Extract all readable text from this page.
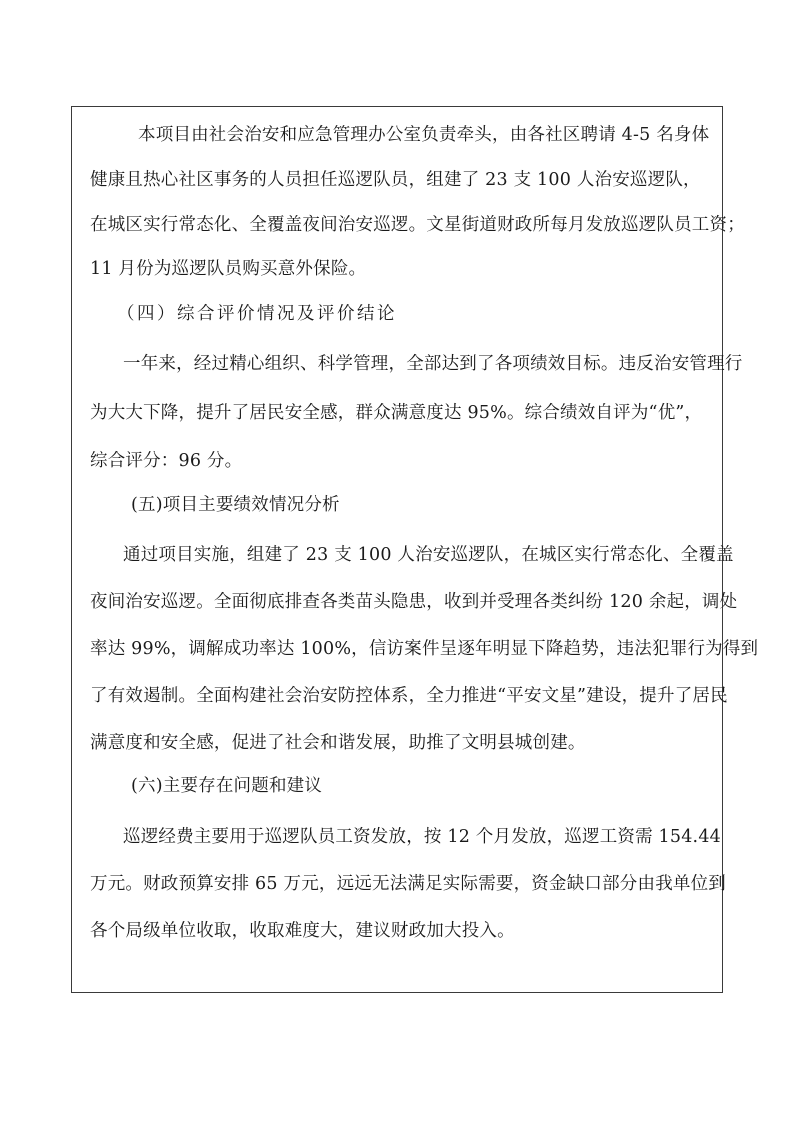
本项目由社会治安和应急管理办公室负责牵头，由各社区聘请 4-5 名身体
健康且热心社区事务的人员担任巡逻队员，组建了 23 支 100 人治安巡逻队，
在城区实行常态化、全覆盖夜间治安巡逻。文星街道财政所每月发放巡逻队员工资；
11 月份为巡逻队员购买意外保险。
（四）综合评价情况及评价结论
一年来，经过精心组织、科学管理，全部达到了各项绩效目标。违反治安管理行
为大大下降，提升了居民安全感，群众满意度达 95%。综合绩效自评为“优”，
综合评分：96 分。
(五)项目主要绩效情况分析
通过项目实施，组建了 23 支 100 人治安巡逻队，在城区实行常态化、全覆盖
夜间治安巡逻。全面彻底排查各类苗头隐患，收到并受理各类纠纷 120 余起，调处
率达 99%，调解成功率达 100%，信访案件呈逐年明显下降趋势，违法犯罪行为得到
了有效遏制。全面构建社会治安防控体系，全力推进“平安文星”建设，提升了居民
满意度和安全感，促进了社会和谐发展，助推了文明县城创建。
(六)主要存在问题和建议
巡逻经费主要用于巡逻队员工资发放，按 12 个月发放，巡逻工资需 154.44
万元。财政预算安排 65 万元，远远无法满足实际需要，资金缺口部分由我单位到
各个局级单位收取，收取难度大，建议财政加大投入。
